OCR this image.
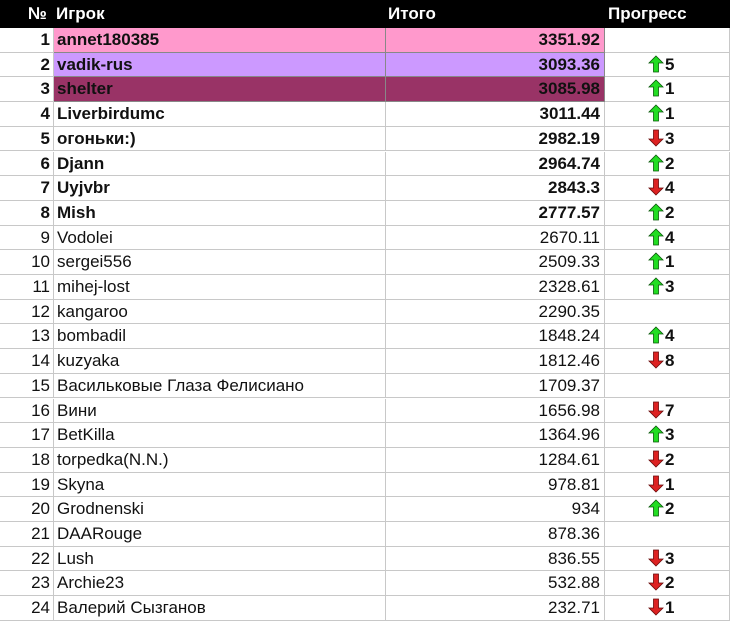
№ Игрок	Итого	Прогресс
1 annet180385	3351.92
2 vadik-rus	3093.36	5
3 shelter	3085.98	1
4 Liverbirdumc	3011.44	1
5 огоньки:)	2982.19	3
6 Djann	2964.74	2
7 Uyjvbr	2843.3	4
8 Mish	2777.57	2
9 Vodolei	2670.11	4
10 sergei556	2509.33	1
11 mihej-lost	2328.61	3
12 kangaroo	2290.35
13 bombadil	1848.24	4
14 kuzyaka	1812.46	8
15 Васильковые Глаза Фелисиано	1709.37
16 Вини	1656.98	7
17 BetKilla	1364.96	3
18 torpedka(N.N.)	1284.61	2
19 Skyna	978.81	1
20 Grodnenski	934	2
21 DAARouge	878.36
22 Lush	836.55	3
23 Archie23	532.88	2
24 Валерий Сызганов	232.71	1
